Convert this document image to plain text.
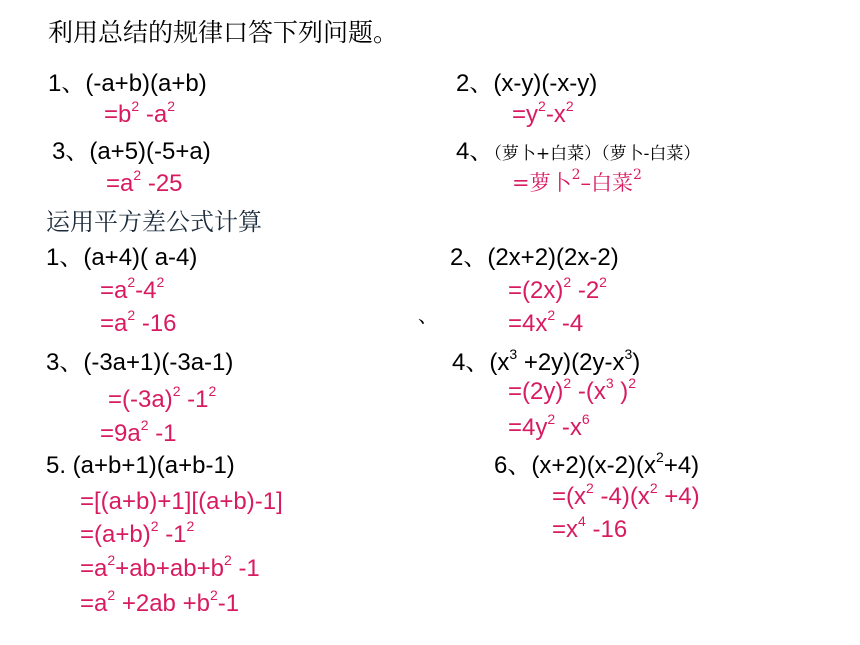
利用总结的规律口答下列问题。
1、(-a+b)(a+b)
$=b^2$ $-a^2$
2、(x-y)(-x-y)
$=y^2-x^2$
3、(a+5)(-5+a)
$=a^2$ -25
4、（萝卜+白菜）（萝卜-白菜）
=萝卜$^2$–白菜$^2$
运用平方差公式计算
1、(a+4)( a-4)
$=a^2-4^2$
$=a^2$ -16
2、(2x+2)(2x-2)
$=(2x)^2$ $-2^2$
$=4x^2$ -4
、
3、(-3a+1)(-3a-1)
$=(-3a)^2$ $-1^2$
$=9a^2$ -1
4、$(x^3 +2y)(2y-x^3)$
$=(2y)^2$ $-(x^3$ )$^2$
$=4y^2$ $-x^6$
5. (a+b+1)(a+b-1)
=[(a+b)+1][(a+b)-1]
$=(a+b)^2$ $-1^2$
$=a^2+ab+ab+b^2$ -1
$=a^2 +2ab +b^2-1$
6、$(x+2)(x-2)(x^2+4)$
$=(x^2$ $-4)(x^2 +4)$
$=x^4$ -16
